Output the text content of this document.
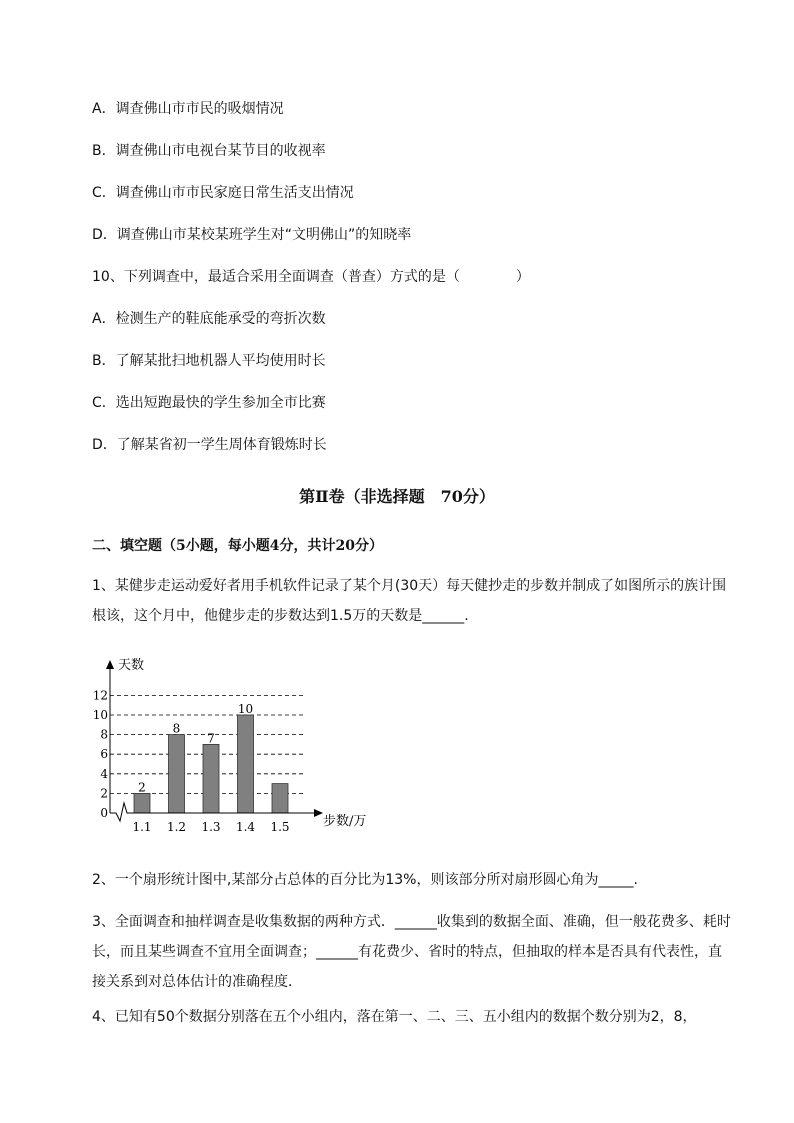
A．调查佛山市市民的吸烟情况
B．调查佛山市电视台某节目的收视率
C．调查佛山市市民家庭日常生活支出情况
D．调查佛山市某校某班学生对“文明佛山”的知晓率
10、下列调查中，最适合采用全面调查（普查）方式的是（　　　　）
A．检测生产的鞋底能承受的弯折次数
B．了解某批扫地机器人平均使用时长
C．选出短跑最快的学生参加全市比赛
D．了解某省初一学生周体育锻炼时长
第Ⅱ卷（非选择题　70分）
二、填空题（5小题，每小题4分，共计20分）
1、某健步走运动爱好者用手机软件记录了某个月(30天）每天健抄走的步数并制成了如图所示的族计围根该，这个月中，他健步走的步数达到1.5万的天数是______.
0
2
4
6
8
10
12
天数
步数/万
1.1
2
1.2
8
1.3
7
1.4
10
1.5
2、一个扇形统计图中,某部分占总体的百分比为13%，则该部分所对扇形圆心角为_____.
3、全面调查和抽样调查是收集数据的两种方式．______收集到的数据全面、准确，但一般花费多、耗时长，而且某些调查不宜用全面调查；______有花费少、省时的特点，但抽取的样本是否具有代表性，直接关系到对总体估计的准确程度．
4、已知有50个数据分别落在五个小组内，落在第一、二、三、五小组内的数据个数分别为2，8，
